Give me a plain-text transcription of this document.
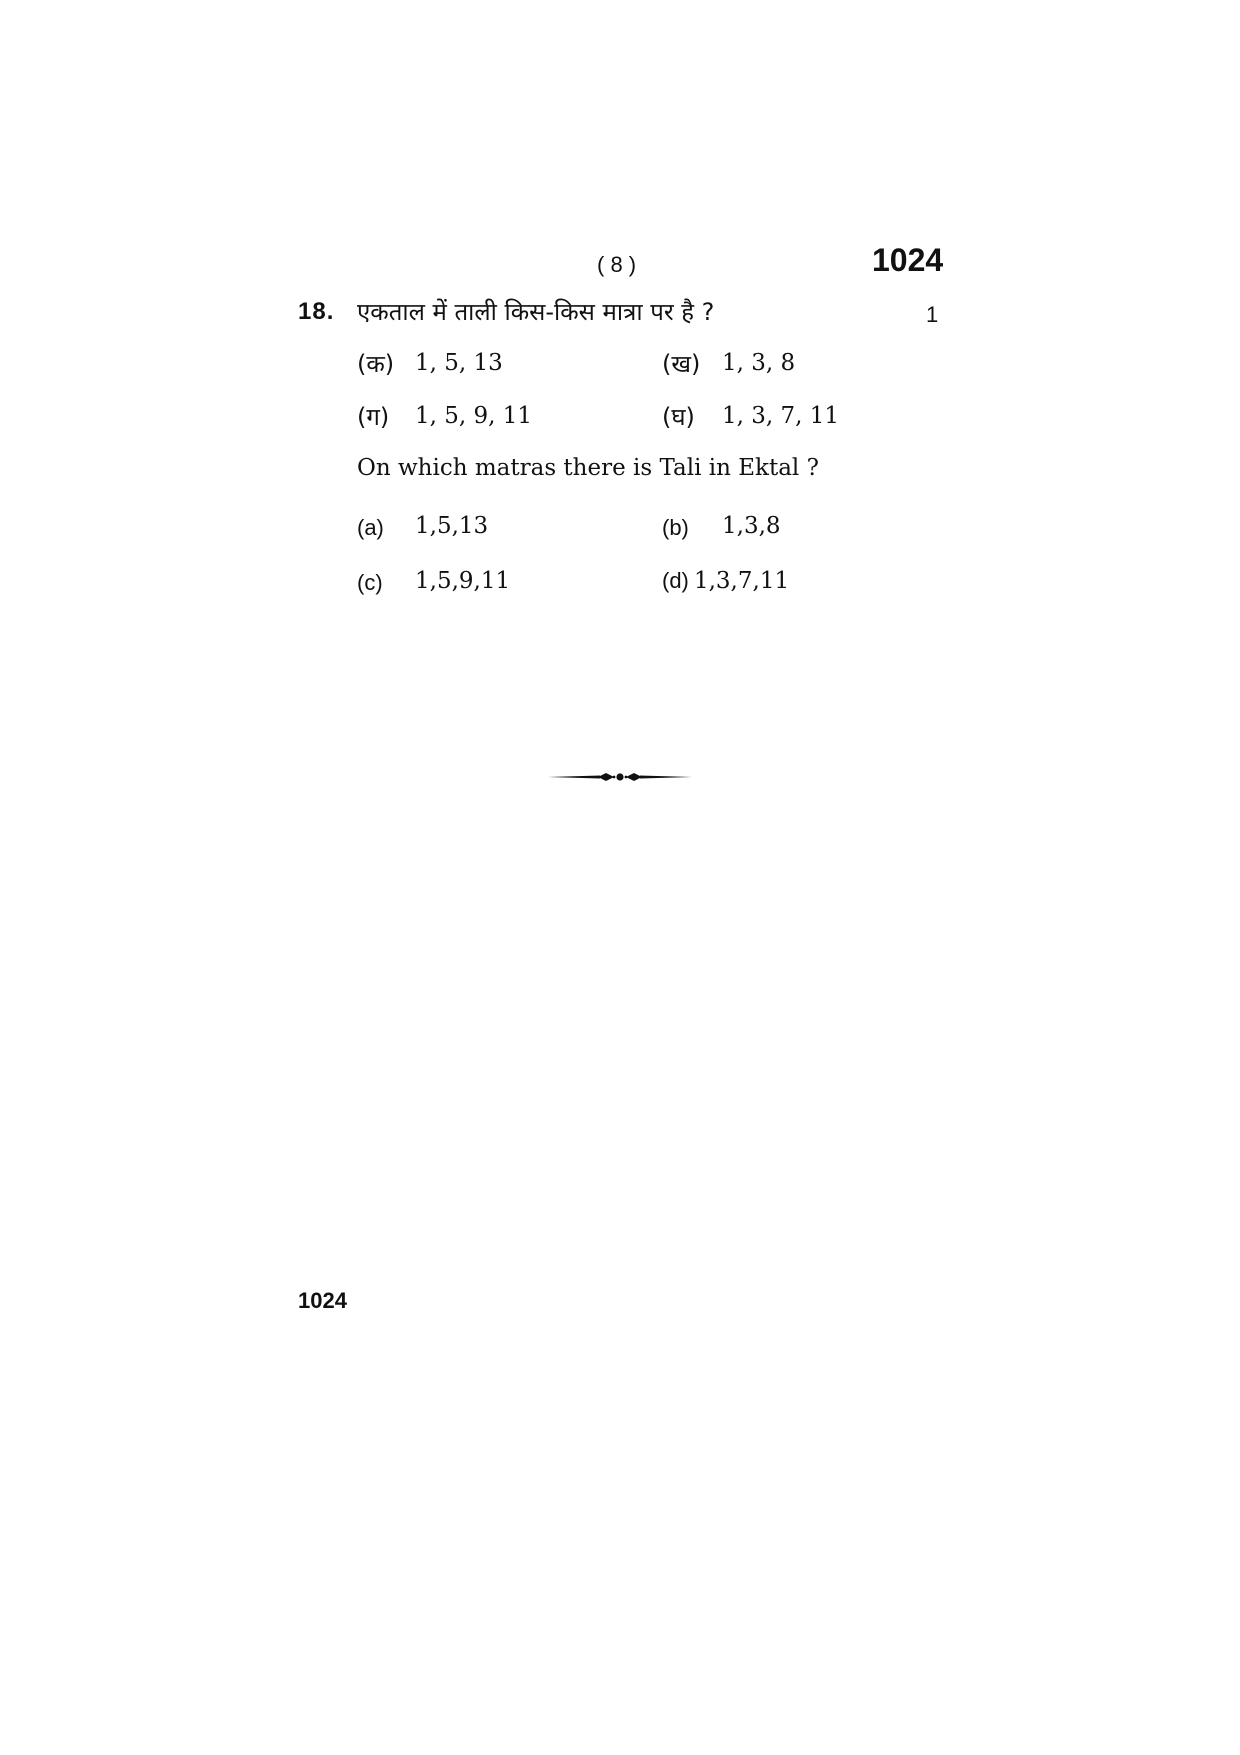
( 8 )	1024
18. एकताल में ताली किस-किस मात्रा पर है ?	1
(क) 1, 5, 13	(ख) 1, 3, 8
(ग) 1, 5, 9, 11	(घ) 1, 3, 7, 11
On which matras there is Tali in Ektal ?
(a) 1,5,13	(b) 1,3,8
(c) 1,5,9,11	(d) 1,3,7,11
1024
